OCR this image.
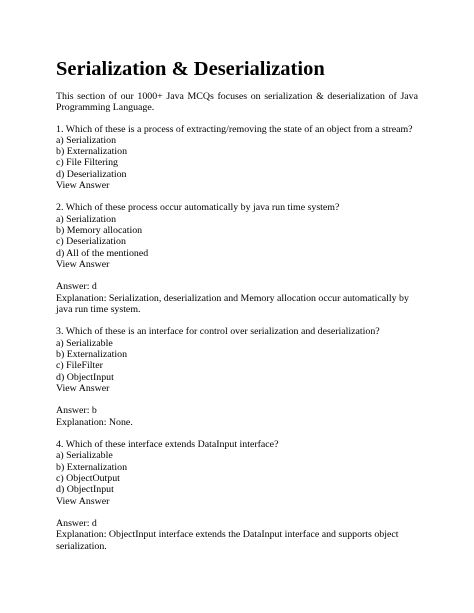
Serialization & Deserialization
This section of our 1000+ Java MCQs focuses on serialization & deserialization of Java Programming Language.
1. Which of these is a process of extracting/removing the state of an object from a stream?
a) Serialization
b) Externalization
c) File Filtering
d) Deserialization
View Answer
2. Which of these process occur automatically by java run time system?
a) Serialization
b) Memory allocation
c) Deserialization
d) All of the mentioned
View Answer
Answer: d
Explanation: Serialization, deserialization and Memory allocation occur automatically by java run time system.
3. Which of these is an interface for control over serialization and deserialization?
a) Serializable
b) Externalization
c) FileFilter
d) ObjectInput
View Answer
Answer: b
Explanation: None.
4. Which of these interface extends DataInput interface?
a) Serializable
b) Externalization
c) ObjectOutput
d) ObjectInput
View Answer
Answer: d
Explanation: ObjectInput interface extends the DataInput interface and supports object serialization.
